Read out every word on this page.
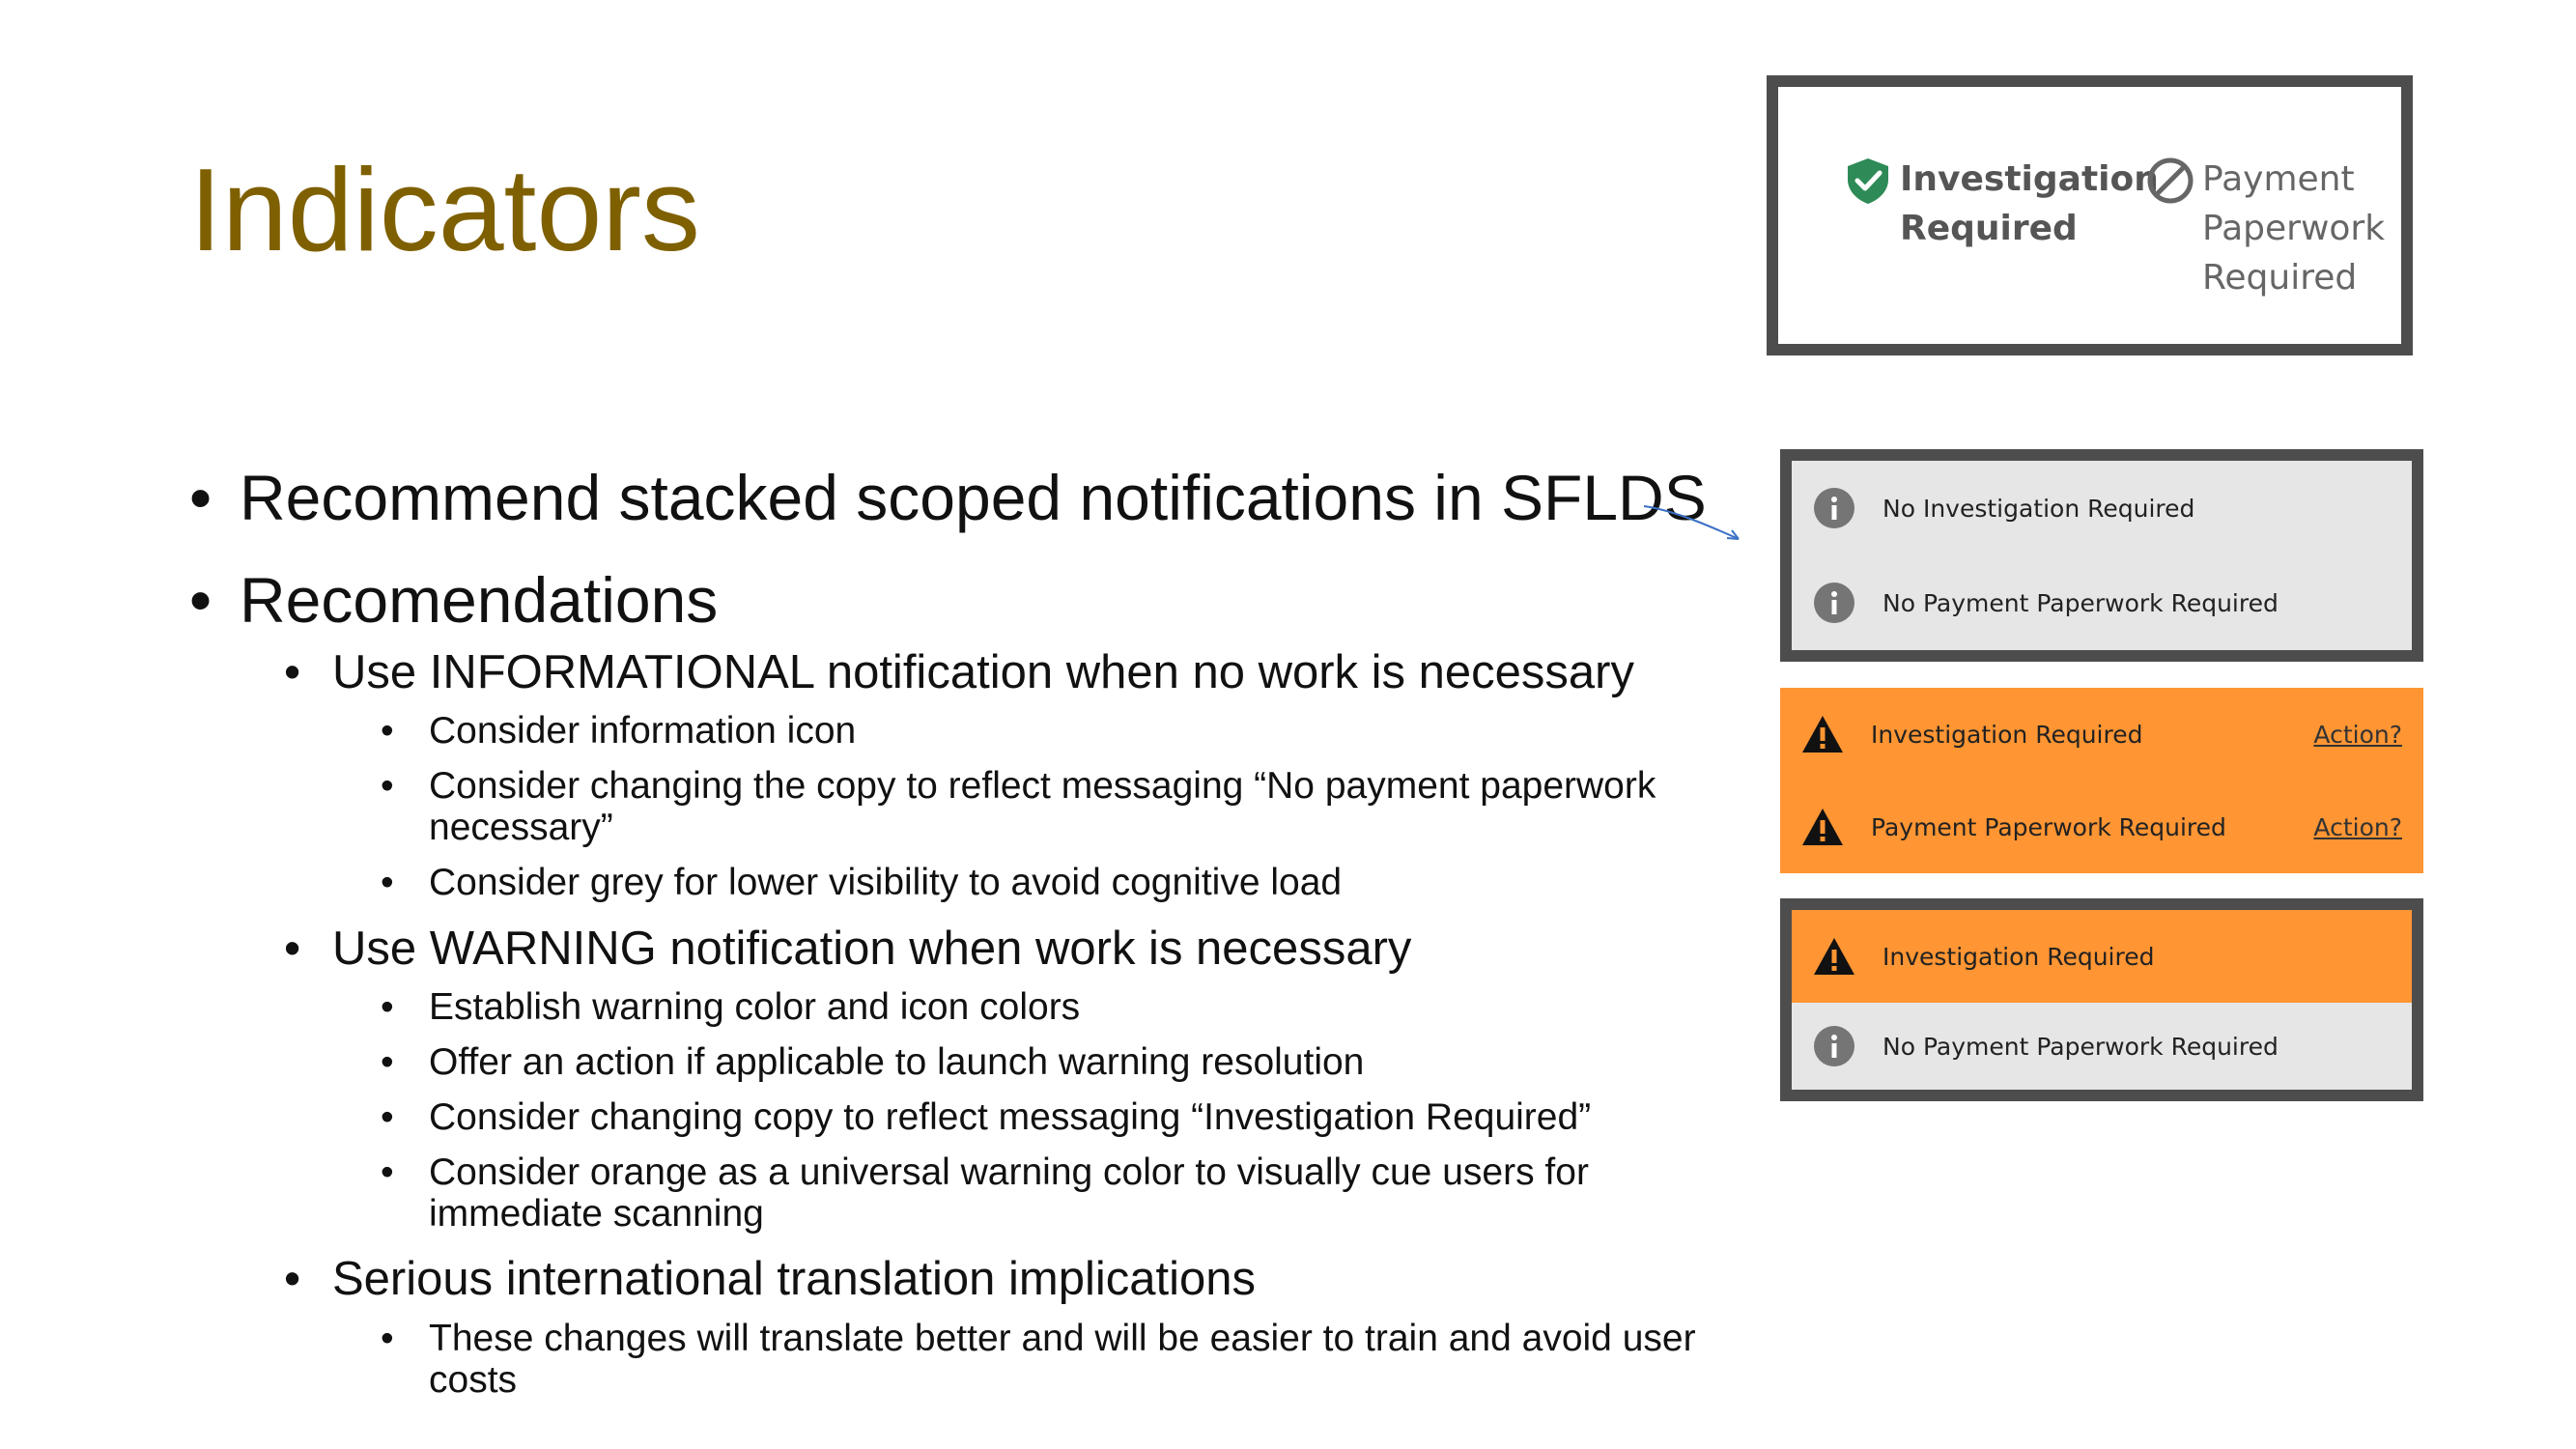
Indicators
• Recommend stacked scoped notifications in SFLDS
• Recomendations
• Use INFORMATIONAL notification when no work is necessary
• Consider information icon
• Consider changing the copy to reflect messaging “No payment paperwork necessary”
• Consider grey for lower visibility to avoid cognitive load
• Use WARNING notification when work is necessary
• Establish warning color and icon colors
• Offer an action if applicable to launch warning resolution
• Consider changing copy to reflect messaging “Investigation Required”
• Consider orange as a universal warning color to visually cue users for immediate scanning
• Serious international translation implications
• These changes will translate better and will be easier to train and avoid user costs
Investigation
Required
Payment
Paperwork
Required
No Investigation Required
No Payment Paperwork Required
Investigation Required	Action?
Payment Paperwork Required	Action?
Investigation Required
No Payment Paperwork Required
